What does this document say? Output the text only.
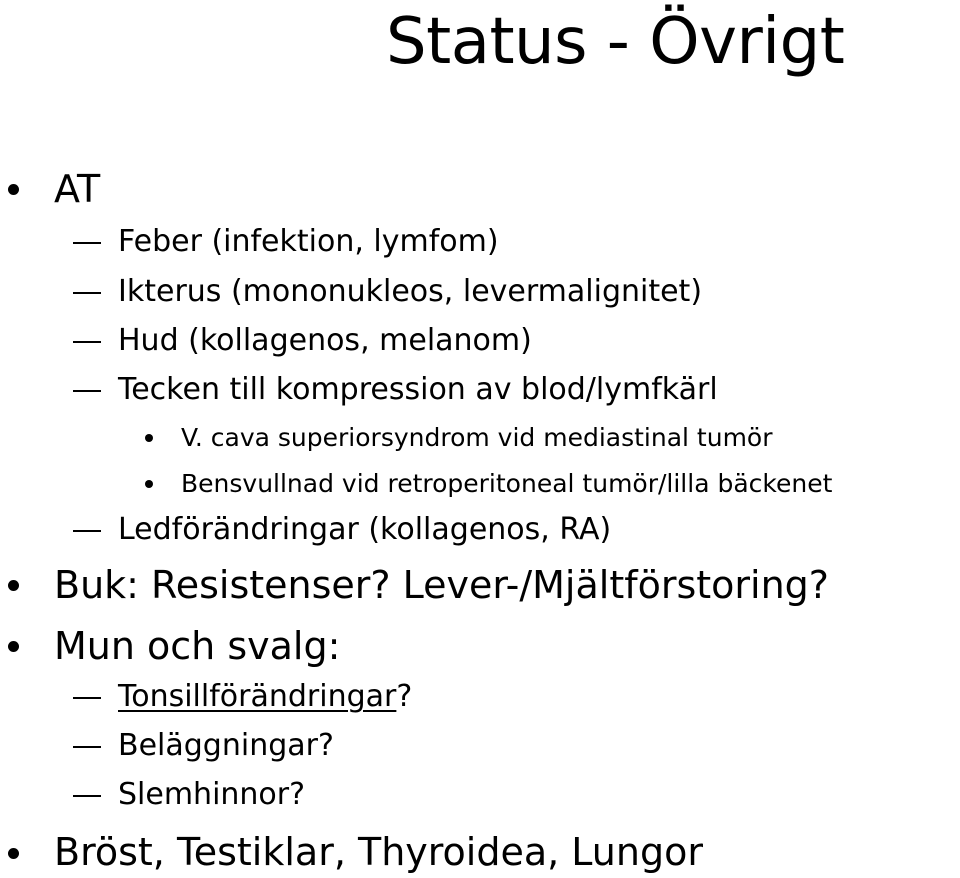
Status - Övrigt
AT
Feber (infektion, lymfom)
Ikterus (mononukleos, levermalignitet)
Hud (kollagenos, melanom)
Tecken till kompression av blod/lymfkärl
V. cava superiorsyndrom vid mediastinal tumör
Bensvullnad vid retroperitoneal tumör/lilla bäckenet
Ledförändringar (kollagenos, RA)
Buk: Resistenser? Lever-/Mjältförstoring?
Mun och svalg:
Tonsillförändringar?
Beläggningar?
Slemhinnor?
Bröst, Testiklar, Thyroidea, Lungor
